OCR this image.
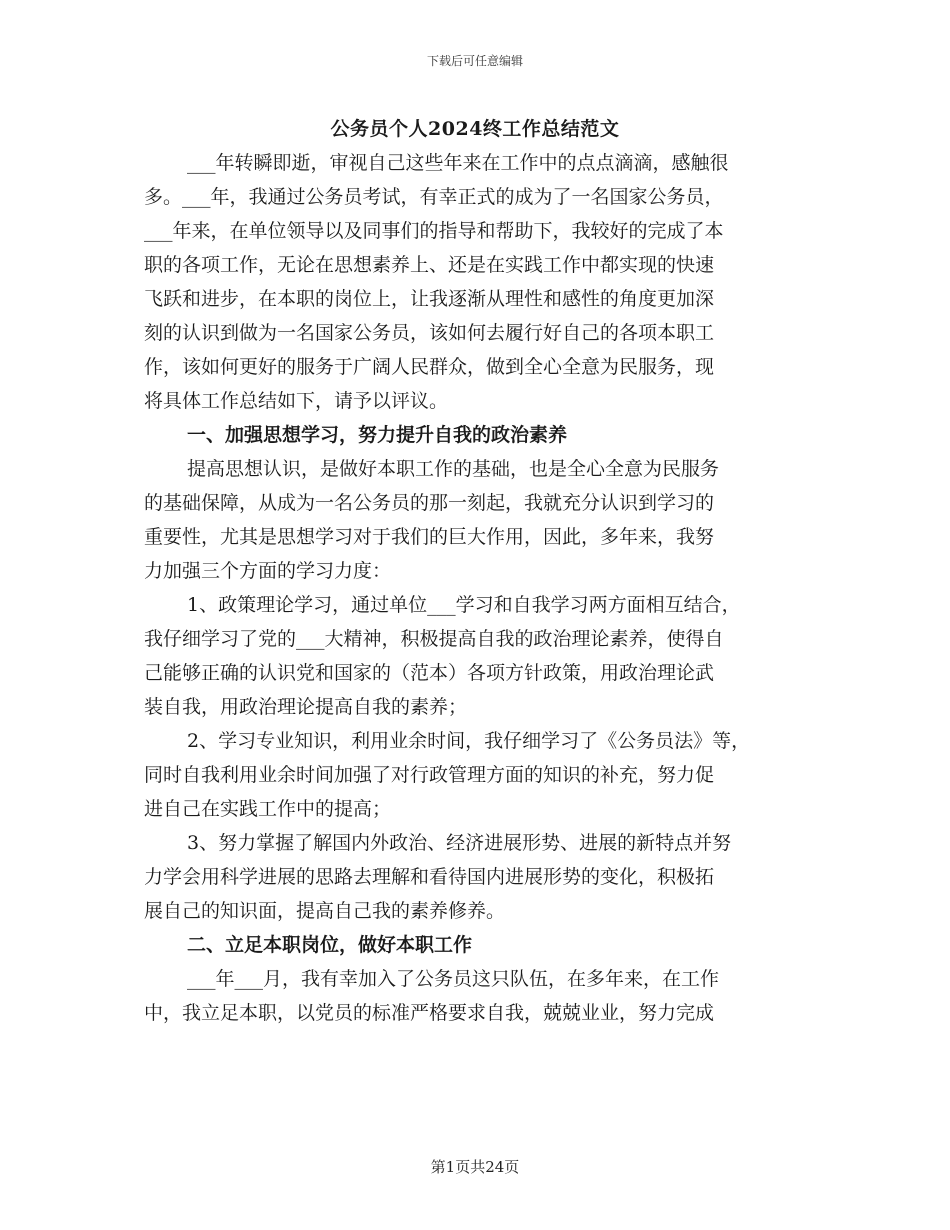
下载后可任意编辑
公务员个人2024终工作总结范文
___年转瞬即逝，审视自己这些年来在工作中的点点滴滴，感触很
多。___年，我通过公务员考试，有幸正式的成为了一名国家公务员，
___年来，在单位领导以及同事们的指导和帮助下，我较好的完成了本
职的各项工作，无论在思想素养上、还是在实践工作中都实现的快速
飞跃和进步，在本职的岗位上，让我逐渐从理性和感性的角度更加深
刻的认识到做为一名国家公务员，该如何去履行好自己的各项本职工
作，该如何更好的服务于广阔人民群众，做到全心全意为民服务，现
将具体工作总结如下，请予以评议。
一、加强思想学习，努力提升自我的政治素养
提高思想认识，是做好本职工作的基础，也是全心全意为民服务
的基础保障，从成为一名公务员的那一刻起，我就充分认识到学习的
重要性，尤其是思想学习对于我们的巨大作用，因此，多年来，我努
力加强三个方面的学习力度：
1、政策理论学习，通过单位___学习和自我学习两方面相互结合，
我仔细学习了党的___大精神，积极提高自我的政治理论素养，使得自
己能够正确的认识党和国家的（范本）各项方针政策，用政治理论武
装自我，用政治理论提高自我的素养；
2、学习专业知识，利用业余时间，我仔细学习了《公务员法》等，
同时自我利用业余时间加强了对行政管理方面的知识的补充，努力促
进自己在实践工作中的提高；
3、努力掌握了解国内外政治、经济进展形势、进展的新特点并努
力学会用科学进展的思路去理解和看待国内进展形势的变化，积极拓
展自己的知识面，提高自己我的素养修养。
二、立足本职岗位，做好本职工作
___年___月，我有幸加入了公务员这只队伍，在多年来，在工作
中，我立足本职，以党员的标准严格要求自我，兢兢业业，努力完成
第1页共24页
